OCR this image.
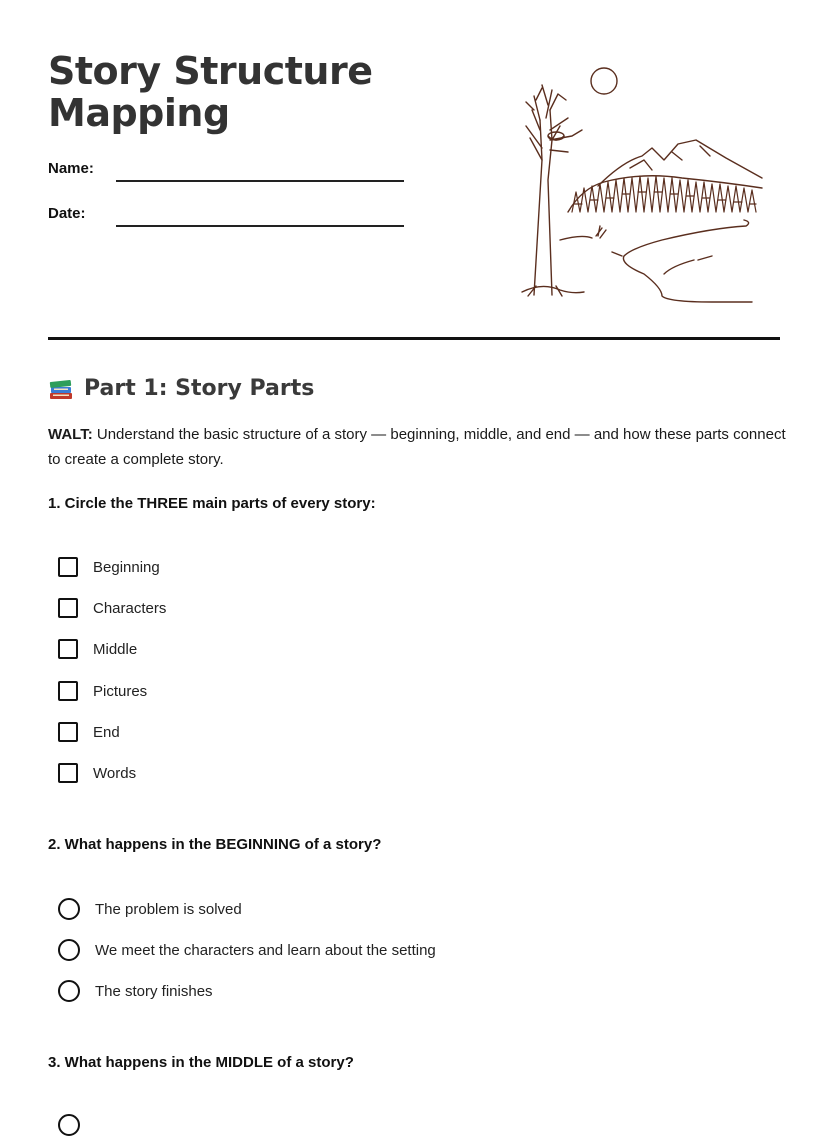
Story Structure
Mapping
Name:
Date:
Part 1: Story Parts

WALT: Understand the basic structure of a story — beginning, middle, and end — and how these parts connect to create a complete story.

1. Circle the THREE main parts of every story:
Beginning
Characters
Middle
Pictures
End
Words
2. What happens in the BEGINNING of a story?
The problem is solved
We meet the characters and learn about the setting
The story finishes
3. What happens in the MIDDLE of a story?
